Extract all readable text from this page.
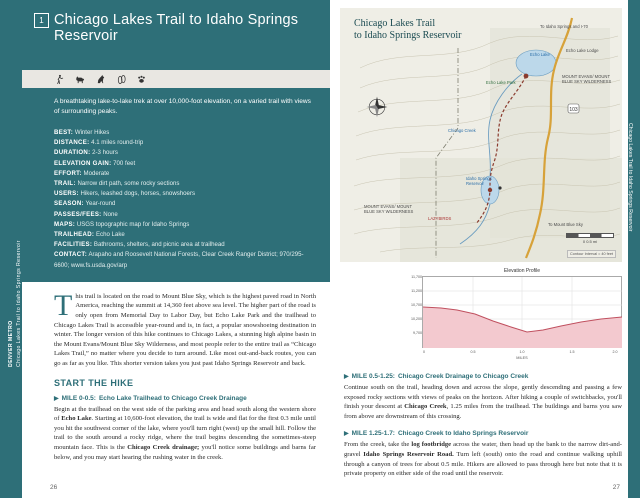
DENVER METRO Chicago Lakes Trail to Idaho Springs Reservoir
1 Chicago Lakes Trail to Idaho Springs Reservoir
A breathtaking lake-to-lake trek at over 10,000-foot elevation, on a varied trail with views of surrounding peaks.
BEST: Winter Hikes
DISTANCE: 4.1 miles round-trip
DURATION: 2-3 hours
ELEVATION GAIN: 700 feet
EFFORT: Moderate
TRAIL: Narrow dirt path, some rocky sections
USERS: Hikers, leashed dogs, horses, snowshoers
SEASON: Year-round
PASSES/FEES: None
MAPS: USGS topographic map for Idaho Springs
TRAILHEAD: Echo Lake
FACILITIES: Bathrooms, shelters, and picnic area at trailhead
CONTACT: Arapaho and Roosevelt National Forests, Clear Creek Ranger District; 970/295-6600; www.fs.usda.gov/arp
This trail is located on the road to Mount Blue Sky, which is the highest paved road in North America, reaching the summit at 14,360 feet above sea level. The higher part of the road is only open from Memorial Day to Labor Day, but Echo Lake Park and the trailhead to Chicago Lakes Trail is accessible year-round and is, in fact, a popular snowshoeing destination in winter. The longer version of this hike continues to Chicago Lakes, a stunning high alpine basin in the Mount Evans/Mount Blue Sky Wilderness, and most people refer to the entire trail as “Chicago Lakes Trail,” no matter where you decide to turn around. Like most out-and-back routes, you can go as far as you like. This shorter version takes you just past Idaho Springs Reservoir and back.
START THE HIKE
▶ MILE 0-0.5: Echo Lake Trailhead to Chicago Creek Drainage
Begin at the trailhead on the west side of the parking area and head south along the western shore of Echo Lake. Starting at 10,600-foot elevation, the trail is wide and flat for the first 0.3 mile until you hit the southwest corner of the lake, where you'll turn right (west) up the small hill. Follow the trail to the south around a rocky ridge, where the trail begins descending the sometimes-steep mountain face. This is the Chicago Creek drainage; you'll notice some buildings and barns far below, and you may start hearing the rushing water in the creek.
26
Chicago Lakes Trail to Idaho Springs Reservoir
103
Chicago Lakes Trail
to Idaho Springs Reservoir
To Idaho Springs and I-70
Echo Lake
Echo Lake Park
Echo Lake Lodge
MOUNT EVANS/ MOUNT BLUE SKY WILDERNESS
Chicago Creek
Idaho Springs Reservoir
MOUNT EVANS/ MOUNT BLUE SKY WILDERNESS
LAZYBIRDS
To Mount Blue Sky
0 0.5 mi
Contour Interval = 40 feet
Elevation Profile
11,700
11,200
10,700
10,200
9,700
0	0.5	1.0	1.5	2.0
MILES
▶ MILE 0.5-1.25: Chicago Creek Drainage to Chicago Creek
Continue south on the trail, heading down and across the slope, gently descending and passing a few exposed rocky sections with views of peaks on the horizon. After hiking a couple of switchbacks, you'll finish your descent at Chicago Creek, 1.25 miles from the trailhead. The buildings and barns you saw from above are downstream of this crossing.
▶ MILE 1.25-1.7: Chicago Creek to Idaho Springs Reservoir
From the creek, take the log footbridge across the water, then head up the bank to the narrow dirt-and-gravel Idaho Springs Reservoir Road. Turn left (south) onto the road and continue walking uphill through a canyon of trees for about 0.5 mile. Hikers are allowed to pass through here but note that it is private property on either side of the road until the reservoir.
27
